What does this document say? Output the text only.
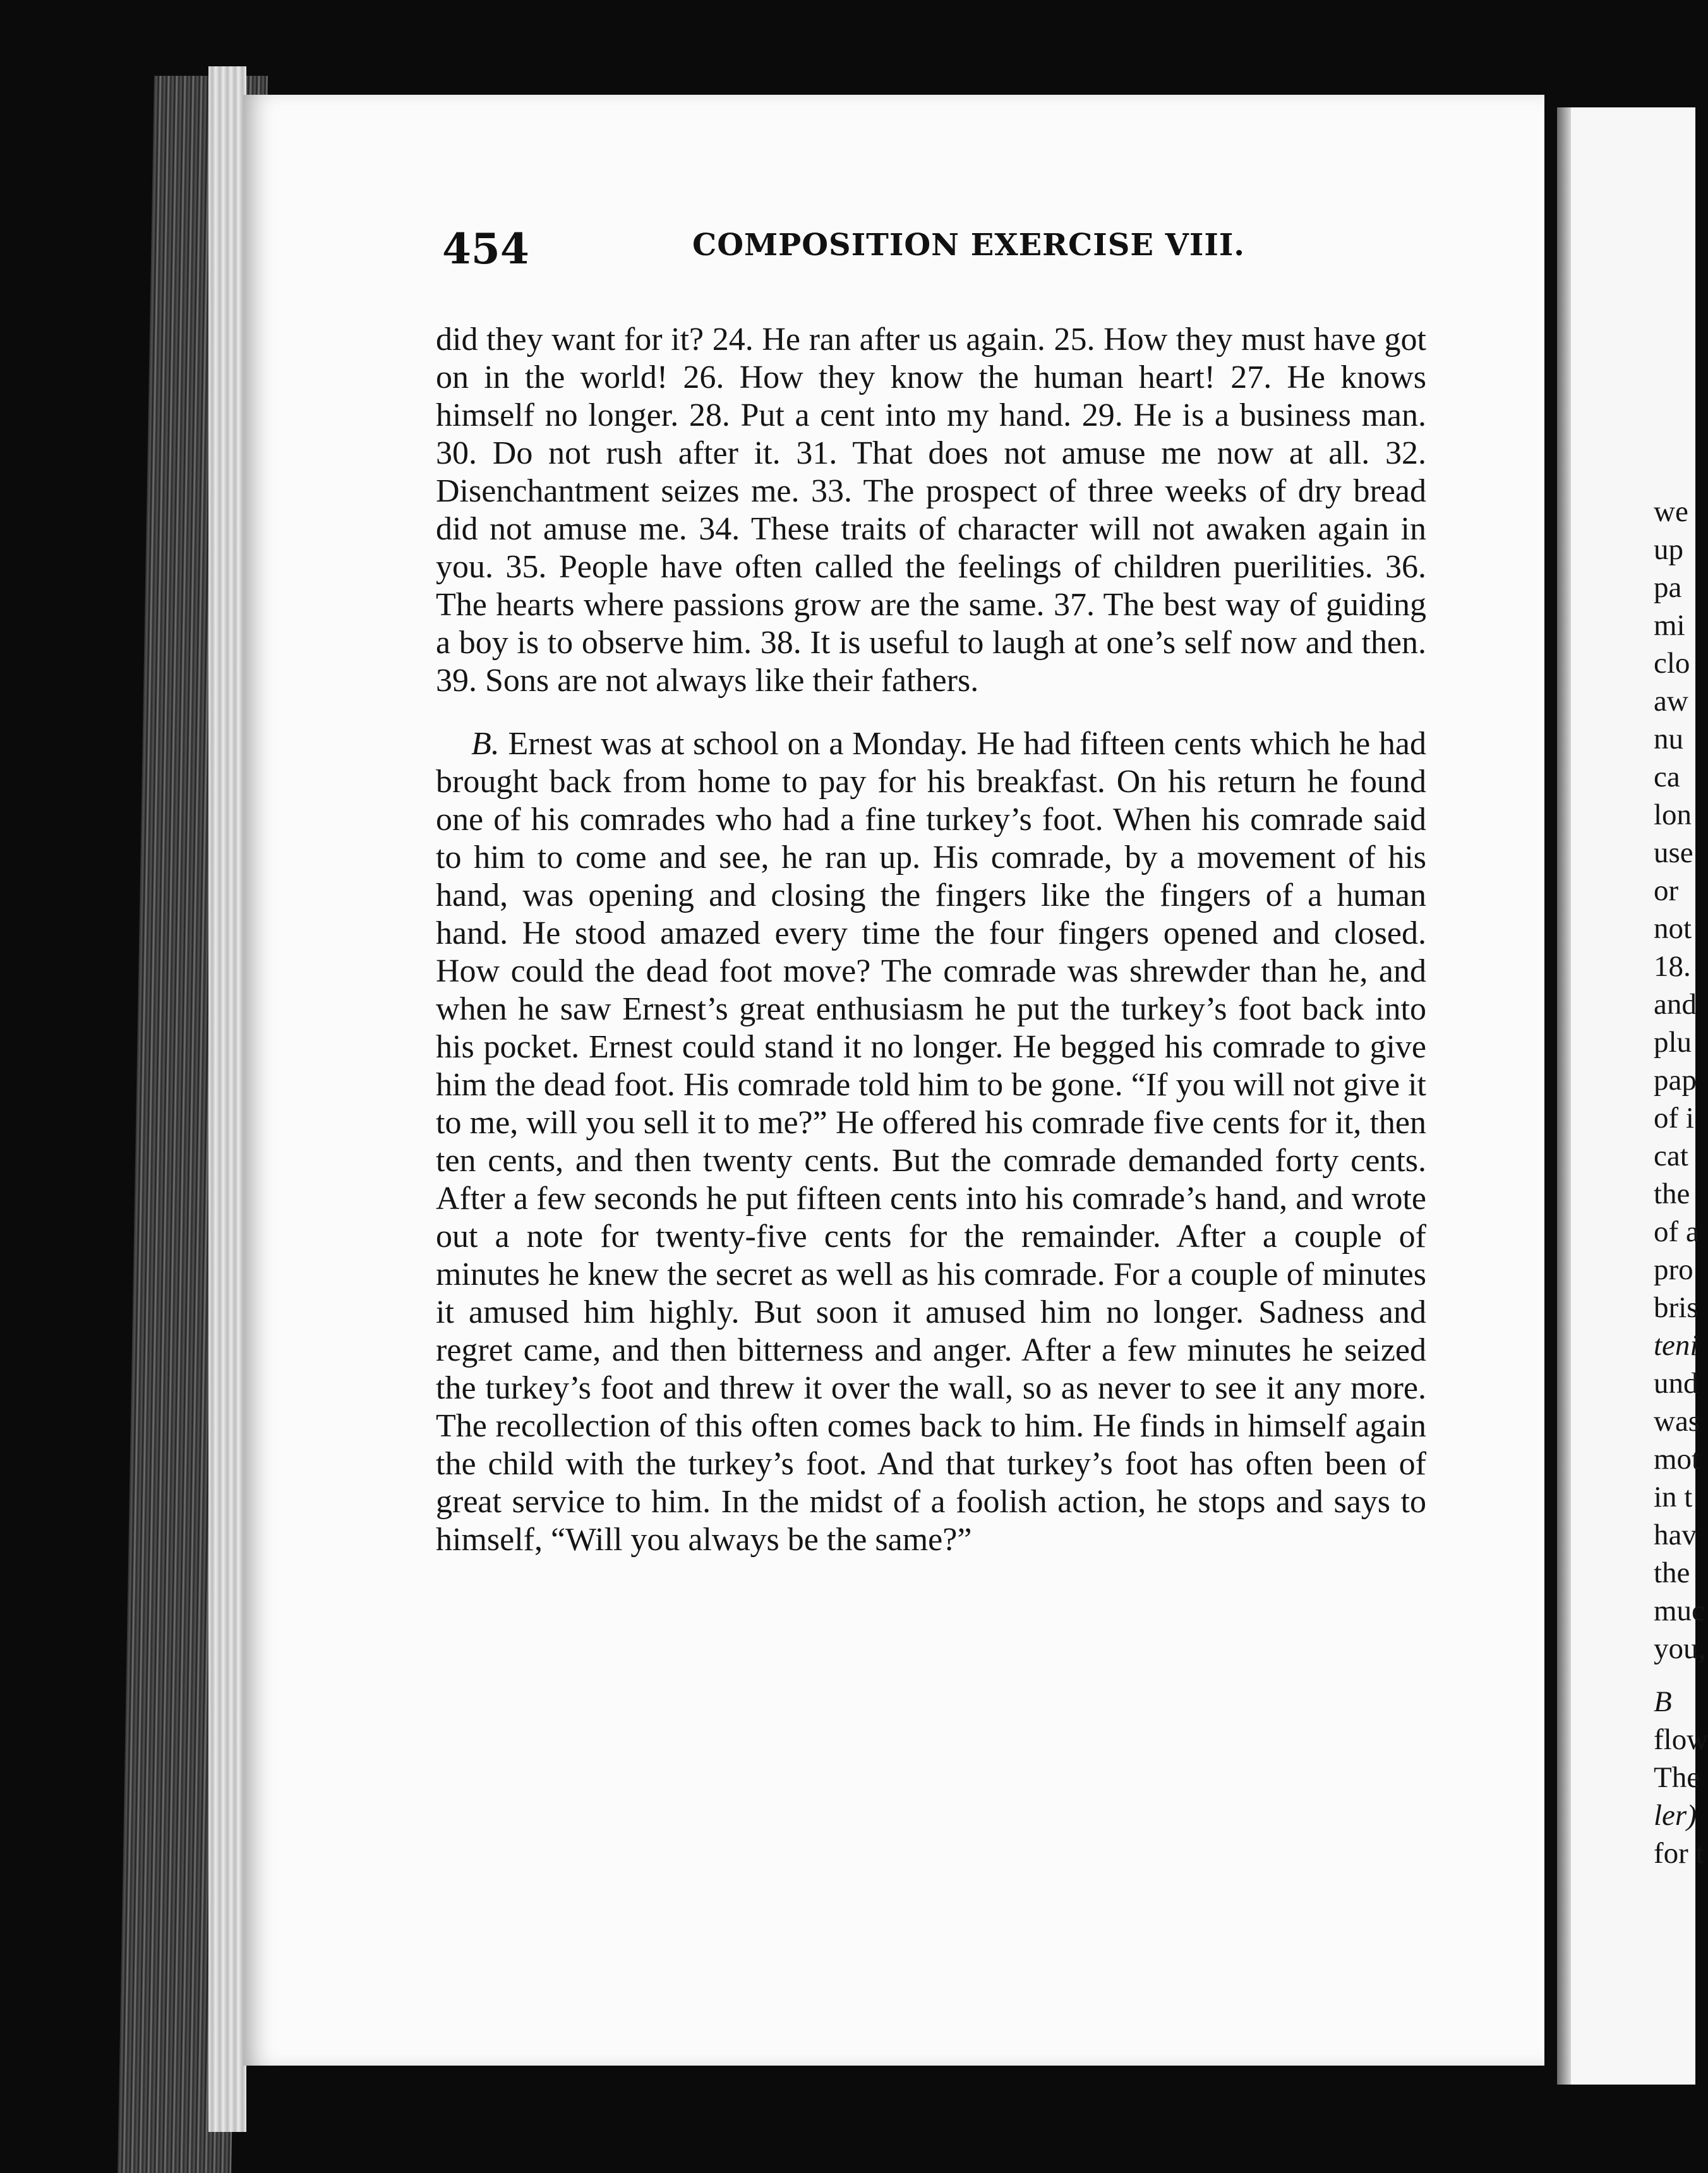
454	COMPOSITION EXERCISE VIII.

did they want for it? 24. He ran after us again. 25. How they must have got on in the world! 26. How they know the human heart! 27. He knows himself no longer. 28. Put a cent into my hand. 29. He is a business man. 30. Do not rush after it. 31. That does not amuse me now at all. 32. Disenchantment seizes me. 33. The prospect of three weeks of dry bread did not amuse me. 34. These traits of character will not awaken again in you. 35. People have often called the feelings of children puerilities. 36. The hearts where passions grow are the same. 37. The best way of guiding a boy is to observe him. 38. It is useful to laugh at one’s self now and then. 39. Sons are not always like their fathers.

B. Ernest was at school on a Monday. He had fifteen cents which he had brought back from home to pay for his breakfast. On his return he found one of his comrades who had a fine turkey’s foot. When his comrade said to him to come and see, he ran up. His comrade, by a movement of his hand, was opening and closing the fingers like the fingers of a human hand. He stood amazed every time the four fingers opened and closed. How could the dead foot move? The comrade was shrewder than he, and when he saw Ernest’s great enthusiasm he put the turkey’s foot back into his pocket. Ernest could stand it no longer. He begged his comrade to give him the dead foot. His comrade told him to be gone. “If you will not give it to me, will you sell it to me?” He offered his comrade five cents for it, then ten cents, and then twenty cents. But the comrade demanded forty cents. After a few seconds he put fifteen cents into his comrade’s hand, and wrote out a note for twenty-five cents for the remainder. After a couple of minutes he knew the secret as well as his comrade. For a couple of minutes it amused him highly. But soon it amused him no longer. Sadness and regret came, and then bitterness and anger. After a few minutes he seized the turkey’s foot and threw it over the wall, so as never to see it any more. The recollection of this often comes back to him. He finds in himself again the child with the turkey’s foot. And that turkey’s foot has often been of great service to him. In the midst of a foolish action, he stops and says to himself, “Will you always be the same?”

we
up
pa
mi
clo
aw
nu
ca
lon
use
or
not
18.
and
plu
pap
of i
cat
the
of a
pro
bris
teni
und
was
mot
in t
hav
the
muc
you,
B
flow
The
ler)
for t
